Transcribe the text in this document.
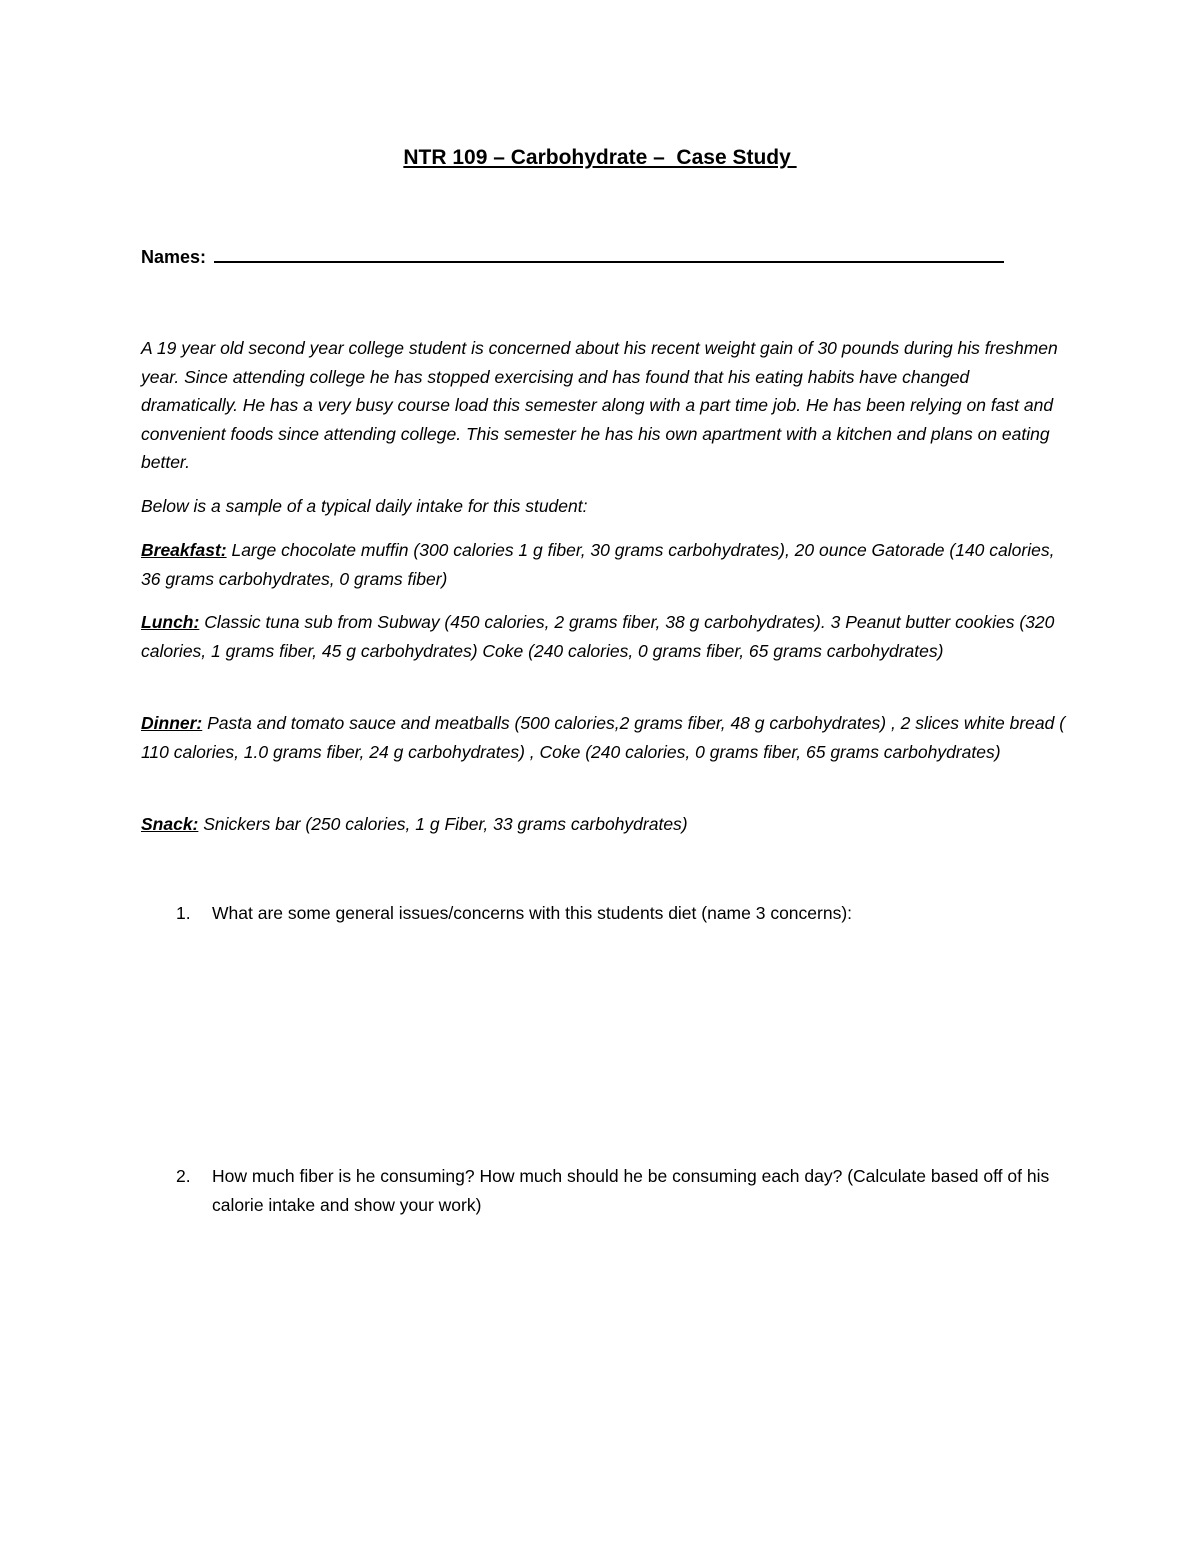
NTR 109 – Carbohydrate –  Case Study
Names:
A 19 year old second year college student is concerned about his recent weight gain of 30 pounds during his freshmen year. Since attending college he has stopped exercising and has found that his eating habits have changed dramatically. He has a very busy course load this semester along with a part time job. He has been relying on fast and convenient foods since attending college. This semester he has his own apartment with a kitchen and plans on eating better.
Below is a sample of a typical daily intake for this student:
Breakfast: Large chocolate muffin (300 calories 1 g fiber, 30 grams carbohydrates), 20 ounce Gatorade (140 calories, 36 grams carbohydrates, 0 grams fiber)
Lunch: Classic tuna sub from Subway (450 calories, 2 grams fiber, 38 g carbohydrates). 3 Peanut butter cookies (320 calories, 1 grams fiber, 45 g carbohydrates) Coke (240 calories, 0 grams fiber, 65 grams carbohydrates)
Dinner: Pasta and tomato sauce and meatballs (500 calories,2 grams fiber, 48 g carbohydrates) , 2 slices white bread ( 110 calories, 1.0 grams fiber, 24 g carbohydrates) , Coke (240 calories, 0 grams fiber, 65 grams carbohydrates)
Snack: Snickers bar (250 calories, 1 g Fiber, 33 grams carbohydrates)
1.	What are some general issues/concerns with this students diet (name 3 concerns):
2.	How much fiber is he consuming? How much should he be consuming each day? (Calculate based off of his calorie intake and show your work)
